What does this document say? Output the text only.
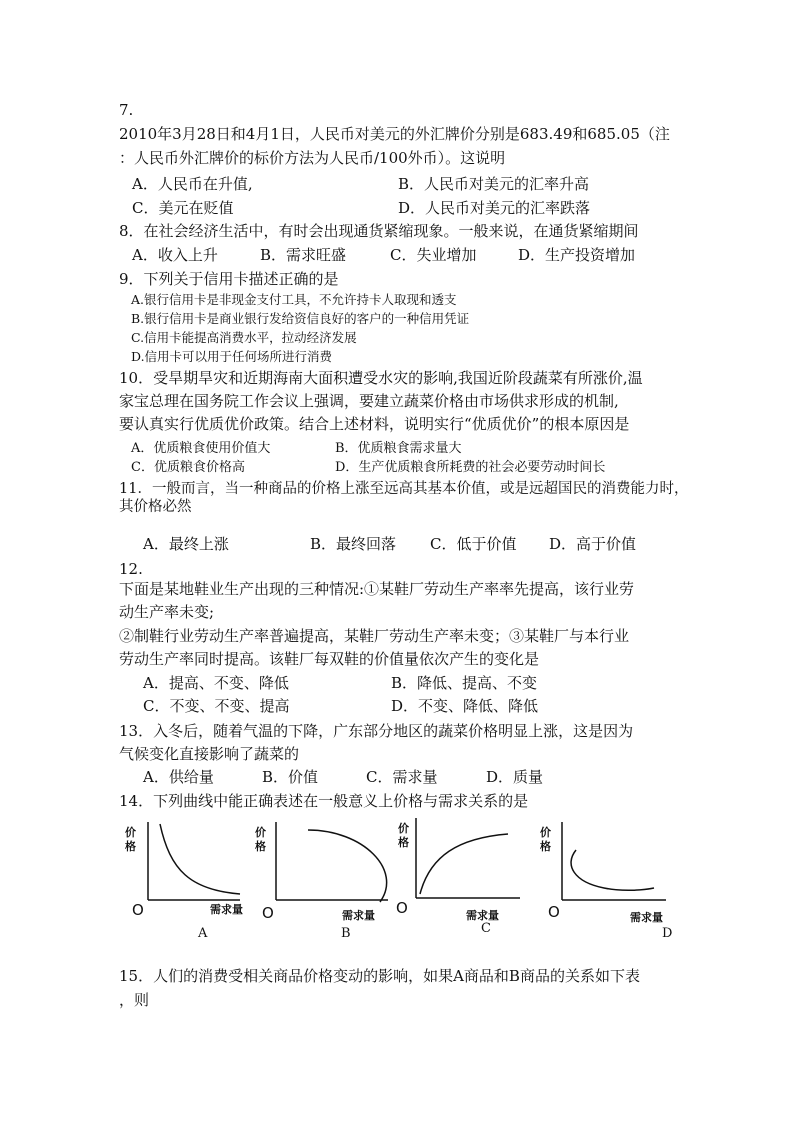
7.
2010年3月28日和4月1日，人民币对美元的外汇牌价分别是683.49和685.05（注
：人民币外汇牌价的标价方法为人民币/100外币）。这说明
A．人民币在升值,	B．人民币对美元的汇率升高
C．美元在贬值	D．人民币对美元的汇率跌落
8．在社会经济生活中，有时会出现通货紧缩现象。一般来说，在通货紧缩期间
A．收入上升	B．需求旺盛	C．失业增加	D．生产投资增加
9．下列关于信用卡描述正确的是
A.银行信用卡是非现金支付工具，不允许持卡人取现和透支
B.银行信用卡是商业银行发给资信良好的客户的一种信用凭证
C.信用卡能提高消费水平，拉动经济发展
D.信用卡可以用于任何场所进行消费
10．受旱期旱灾和近期海南大面积遭受水灾的影响,我国近阶段蔬菜有所涨价,温
家宝总理在国务院工作会议上强调，要建立蔬菜价格由市场供求形成的机制,
要认真实行优质优价政策。结合上述材料，说明实行“优质优价”的根本原因是
A．优质粮食使用价值大	B．优质粮食需求量大
C．优质粮食价格高	D．生产优质粮食所耗费的社会必要劳动时间长
11．一般而言，当一种商品的价格上涨至远高其基本价值，或是远超国民的消费能力时，
其价格必然
A．最终上涨	B．最终回落 C．低于价值 D．高于价值
12.
下面是某地鞋业生产出现的三种情况:①某鞋厂劳动生产率率先提高，该行业劳
动生产率未变;
②制鞋行业劳动生产率普遍提高，某鞋厂劳动生产率未变；③某鞋厂与本行业
劳动生产率同时提高。该鞋厂每双鞋的价值量依次产生的变化是
A．提高、不变、降低	B．降低、提高、不变
C．不变、不变、提高	D．不变、降低、降低
13．入冬后，随着气温的下降，广东部分地区的蔬菜价格明显上涨，这是因为
气候变化直接影响了蔬菜的
A．供给量	B．价值	C．需求量	D．质量
14．下列曲线中能正确表述在一般意义上价格与需求关系的是
价格
O	需求量
A
价格
O	需求量
B
价格
O	需求量
C
价格
O	需求量
D
15．人们的消费受相关商品价格变动的影响，如果A商品和B商品的关系如下表
，则
